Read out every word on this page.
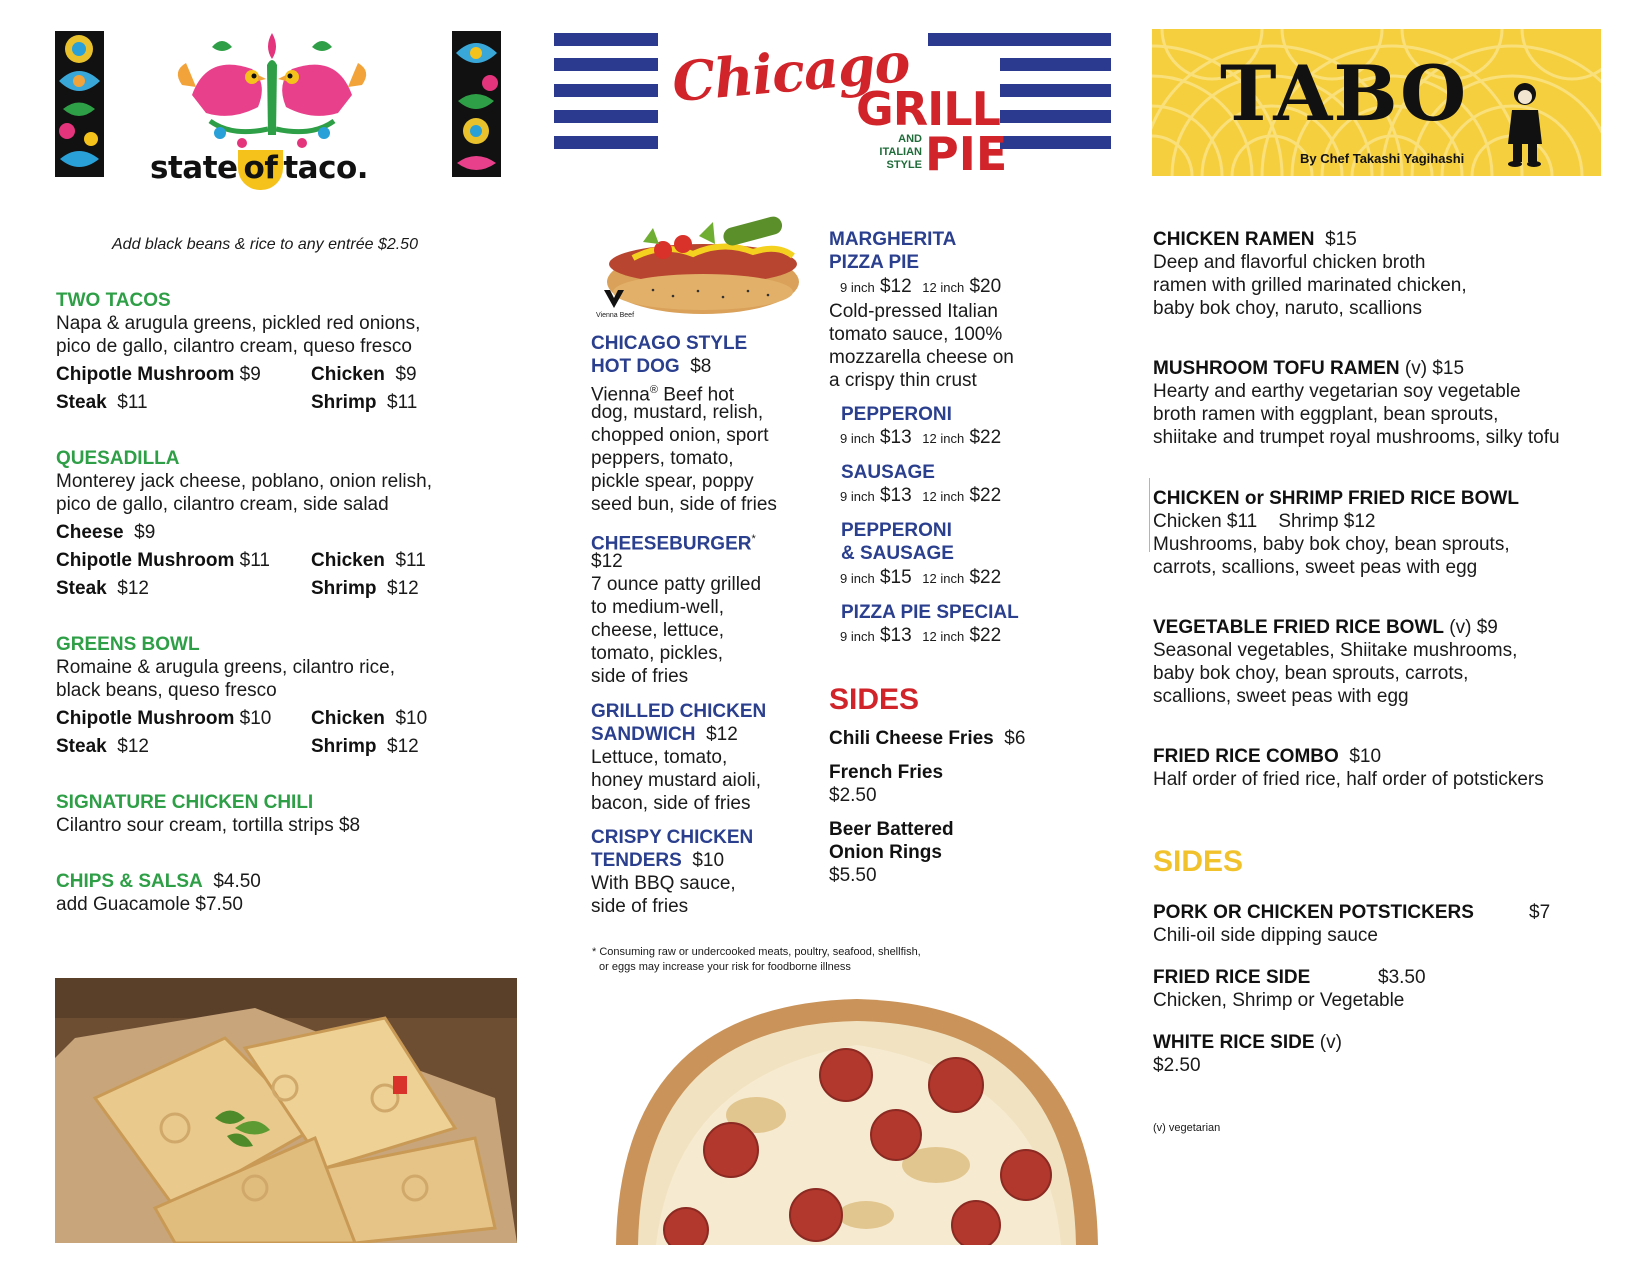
state of taco.
Chicago
GRILL
AND
ITALIAN
STYLE PIE
TABO
By Chef Takashi Yagihashi
Add black beans & rice to any entrée $2.50
TWO TACOS
Napa & arugula greens, pickled red onions,
pico de gallo, cilantro cream, queso fresco
Chipotle Mushroom $9	Chicken $9
Steak $11	Shrimp $11
QUESADILLA
Monterey jack cheese, poblano, onion relish,
pico de gallo, cilantro cream, side salad
Cheese $9
Chipotle Mushroom $11 Chicken $11
Steak $12	Shrimp $12
GREENS BOWL
Romaine & arugula greens, cilantro rice,
black beans, queso fresco
Chipotle Mushroom $10 Chicken $10
Steak $12	Shrimp $12
SIGNATURE CHICKEN CHILI
Cilantro sour cream, tortilla strips $8
CHIPS & SALSA $4.50
add Guacamole $7.50
Vienna Beef
CHICAGO STYLE
HOT DOG $8
Vienna® Beef hot
dog, mustard, relish,
chopped onion, sport
peppers, tomato,
pickle spear, poppy
seed bun, side of fries
CHEESEBURGER*
$12
7 ounce patty grilled
to medium-well,
cheese, lettuce,
tomato, pickles,
side of fries
GRILLED CHICKEN
SANDWICH $12
Lettuce, tomato,
honey mustard aioli,
bacon, side of fries
CRISPY CHICKEN
TENDERS $10
With BBQ sauce,
side of fries
* Consuming raw or undercooked meats, poultry, seafood, shellfish,
or eggs may increase your risk for foodborne illness
MARGHERITA
PIZZA PIE
9 inch $12 12 inch $20
Cold-pressed Italian
tomato sauce, 100%
mozzarella cheese on
a crispy thin crust
PEPPERONI
9 inch $13 12 inch $22
SAUSAGE
9 inch $13 12 inch $22
PEPPERONI
& SAUSAGE
9 inch $15 12 inch $22
PIZZA PIE SPECIAL
9 inch $13 12 inch $22
SIDES
Chili Cheese Fries $6
French Fries
$2.50
Beer Battered
Onion Rings
$5.50
CHICKEN RAMEN $15
Deep and flavorful chicken broth
ramen with grilled marinated chicken,
baby bok choy, naruto, scallions
MUSHROOM TOFU RAMEN (v) $15
Hearty and earthy vegetarian soy vegetable
broth ramen with eggplant, bean sprouts,
shiitake and trumpet royal mushrooms, silky tofu
CHICKEN or SHRIMP FRIED RICE BOWL
Chicken $11    Shrimp $12
Mushrooms, baby bok choy, bean sprouts,
carrots, scallions, sweet peas with egg
VEGETABLE FRIED RICE BOWL (v) $9
Seasonal vegetables, Shiitake mushrooms,
baby bok choy, bean sprouts, carrots,
scallions, sweet peas with egg
FRIED RICE COMBO $10
Half order of fried rice, half order of potstickers
SIDES
PORK OR CHICKEN POTSTICKERS	$7
Chili-oil side dipping sauce
FRIED RICE SIDE	$3.50
Chicken, Shrimp or Vegetable
WHITE RICE SIDE (v)
$2.50
(v) vegetarian
